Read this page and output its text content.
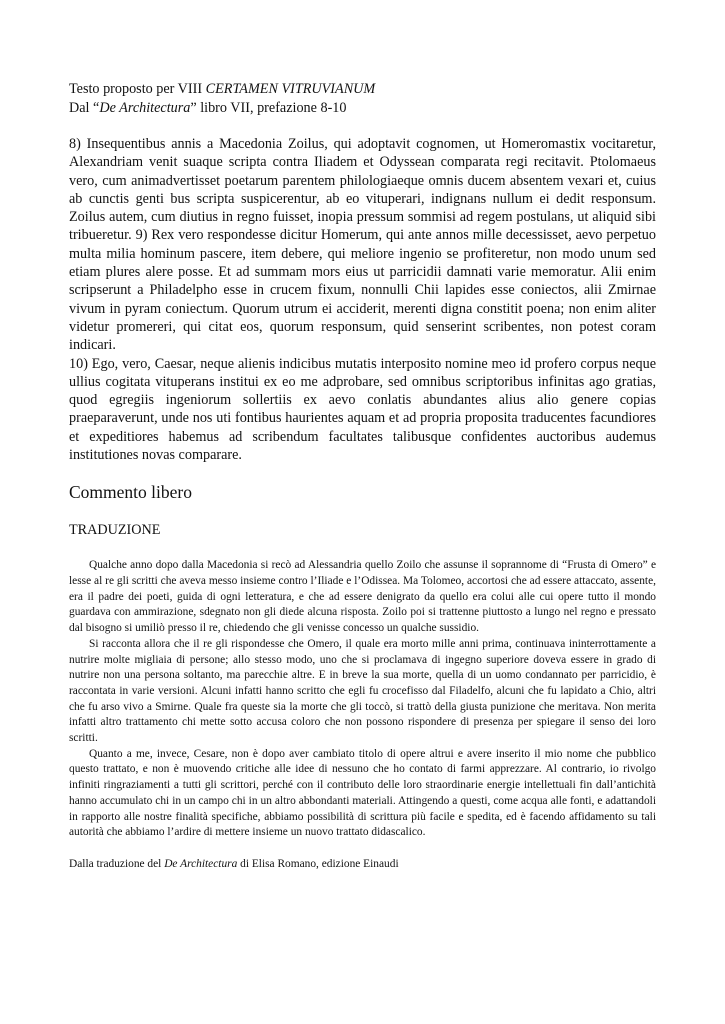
Testo proposto per VIII CERTAMEN VITRUVIANUM
Dal “De Architectura” libro VII, prefazione 8-10

8) Insequentibus annis a Macedonia Zoilus, qui adoptavit cognomen, ut Homeromastix vocitaretur, Alexandriam venit suaque scripta contra Iliadem et Odyssean comparata regi recitavit. Ptolomaeus vero, cum animadvertisset poetarum parentem philologiaeque omnis ducem absentem vexari et, cuius ab cunctis genti bus scripta suspicerentur, ab eo vituperari, indignans nullum ei dedit responsum. Zoilus autem, cum diutius in regno fuisset, inopia pressum sommisi ad regem postulans, ut aliquid sibi tribueretur. 9) Rex vero respondesse dicitur Homerum, qui ante annos mille decessisset, aevo perpetuo multa milia hominum pascere, item debere, qui meliore ingenio se profiteretur, non modo unum sed etiam plures alere posse. Et ad summam mors eius ut parricidii damnati varie memoratur. Alii enim scripserunt a Philadelpho esse in crucem fixum, nonnulli Chii lapides esse coniectos, alii Zmirnae vivum in pyram coniectum. Quorum utrum ei acciderit, merenti digna constitit poena; non enim aliter videtur promereri, qui citat eos, quorum responsum, quid senserint scribentes, non potest coram indicari.

10) Ego, vero, Caesar, neque alienis indicibus mutatis interposito nomine meo id profero corpus neque ullius cogitata vituperans institui ex eo me adprobare, sed omnibus scriptoribus infinitas ago gratias, quod egregiis ingeniorum sollertiis ex aevo conlatis abundantes alius alio genere copias praeparaverunt, unde nos uti fontibus haurientes aquam et ad propria proposita traducentes facundiores et expeditiores habemus ad scribendum facultates talibusque confidentes auctoribus audemus institutiones novas comparare.

Commento libero
TRADUZIONE

Qualche anno dopo dalla Macedonia si recò ad Alessandria quello Zoilo che assunse il soprannome di “Frusta di Omero” e lesse al re gli scritti che aveva messo insieme contro l’Iliade e l’Odissea. Ma Tolomeo, accortosi che ad essere attaccato, assente, era il padre dei poeti, guida di ogni letteratura, e che ad essere denigrato da quello era colui alle cui opere tutto il mondo guardava con ammirazione, sdegnato non gli diede alcuna risposta. Zoilo poi si trattenne piuttosto a lungo nel regno e pressato dal bisogno si umiliò presso il re, chiedendo che gli venisse concesso un qualche sussidio.

Si racconta allora che il re gli rispondesse che Omero, il quale era morto mille anni prima, continuava ininterrottamente a nutrire molte migliaia di persone; allo stesso modo, uno che si proclamava di ingegno superiore doveva essere in grado di nutrire non una persona soltanto, ma parecchie altre. E in breve la sua morte, quella di un uomo condannato per parricidio, è raccontata in varie versioni. Alcuni infatti hanno scritto che egli fu crocefisso dal Filadelfo, alcuni che fu lapidato a Chio, altri che fu arso vivo a Smirne. Quale fra queste sia la morte che gli toccò, si trattò della giusta punizione che meritava. Non merita infatti altro trattamento chi mette sotto accusa coloro che non possono rispondere di presenza per spiegare il senso dei loro scritti.

Quanto a me, invece, Cesare, non è dopo aver cambiato titolo di opere altrui e avere inserito il mio nome che pubblico questo trattato, e non è muovendo critiche alle idee di nessuno che ho contato di farmi apprezzare. Al contrario, io rivolgo infiniti ringraziamenti a tutti gli scrittori, perché con il contributo delle loro straordinarie energie intellettuali fin dall’antichità hanno accumulato chi in un campo chi in un altro abbondanti materiali. Attingendo a questi, come acqua alle fonti, e adattandoli in rapporto alle nostre finalità specifiche, abbiamo possibilità di scrittura più facile e spedita, ed è facendo affidamento su tali autorità che abbiamo l’ardire di mettere insieme un nuovo trattato didascalico.

Dalla traduzione del De Architectura di Elisa Romano, edizione Einaudi
